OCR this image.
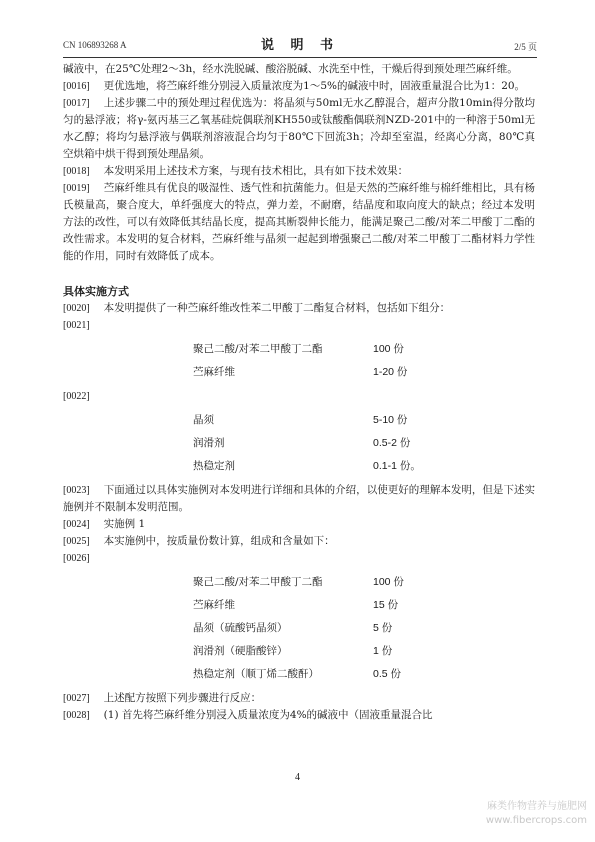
CN 106893268 A	说 明 书	2/5 页

碱液中，在25℃处理2～3h，经水洗脱碱、酸浴脱碱、水洗至中性，干燥后得到预处理苎麻纤维。

[0016] 更优选地，将苎麻纤维分别浸入质量浓度为1～5%的碱液中时，固液重量混合比为1：20。

[0017] 上述步骤二中的预处理过程优选为：将晶须与50ml无水乙醇混合，超声分散10min得分散均匀的悬浮液；将γ-氨丙基三乙氧基硅烷偶联剂KH550或钛酸酯偶联剂NZD-201中的一种溶于50ml无水乙醇；将均匀悬浮液与偶联剂溶液混合均匀于80℃下回流3h；冷却至室温，经离心分离，80℃真空烘箱中烘干得到预处理晶须。

[0018] 本发明采用上述技术方案，与现有技术相比，具有如下技术效果：

[0019] 苎麻纤维具有优良的吸湿性、透气性和抗菌能力。但是天然的苎麻纤维与棉纤维相比，具有杨氏模量高，聚合度大，单纤强度大的特点，弹力差，不耐磨，结晶度和取向度大的缺点；经过本发明方法的改性，可以有效降低其结晶长度，提高其断裂伸长能力，能满足聚己二酸/对苯二甲酸丁二酯的改性需求。本发明的复合材料，苎麻纤维与晶须一起起到增强聚己二酸/对苯二甲酸丁二酯材料力学性能的作用，同时有效降低了成本。

具体实施方式

[0020] 本发明提供了一种苎麻纤维改性苯二甲酸丁二酯复合材料，包括如下组分：

[0021]

聚己二酸/对苯二甲酸丁二酯	100 份
苎麻纤维	1-20 份

[0022]

晶须	5-10 份
润滑剂	0.5-2 份
热稳定剂	0.1-1 份。

[0023] 下面通过以具体实施例对本发明进行详细和具体的介绍，以使更好的理解本发明，但是下述实施例并不限制本发明范围。

[0024] 实施例 1

[0025] 本实施例中，按质量份数计算，组成和含量如下：

[0026]

聚己二酸/对苯二甲酸丁二酯	100 份
苎麻纤维	15 份
晶须（硫酸钙晶须）	5 份
润滑剂（硬脂酸锌）	1 份
热稳定剂（顺丁烯二酸酐）	0.5 份

[0027] 上述配方按照下列步骤进行反应：

[0028] (1) 首先将苎麻纤维分别浸入质量浓度为4%的碱液中（固液重量混合比

4
麻类作物营养与施肥网
www.fibercrops.com
